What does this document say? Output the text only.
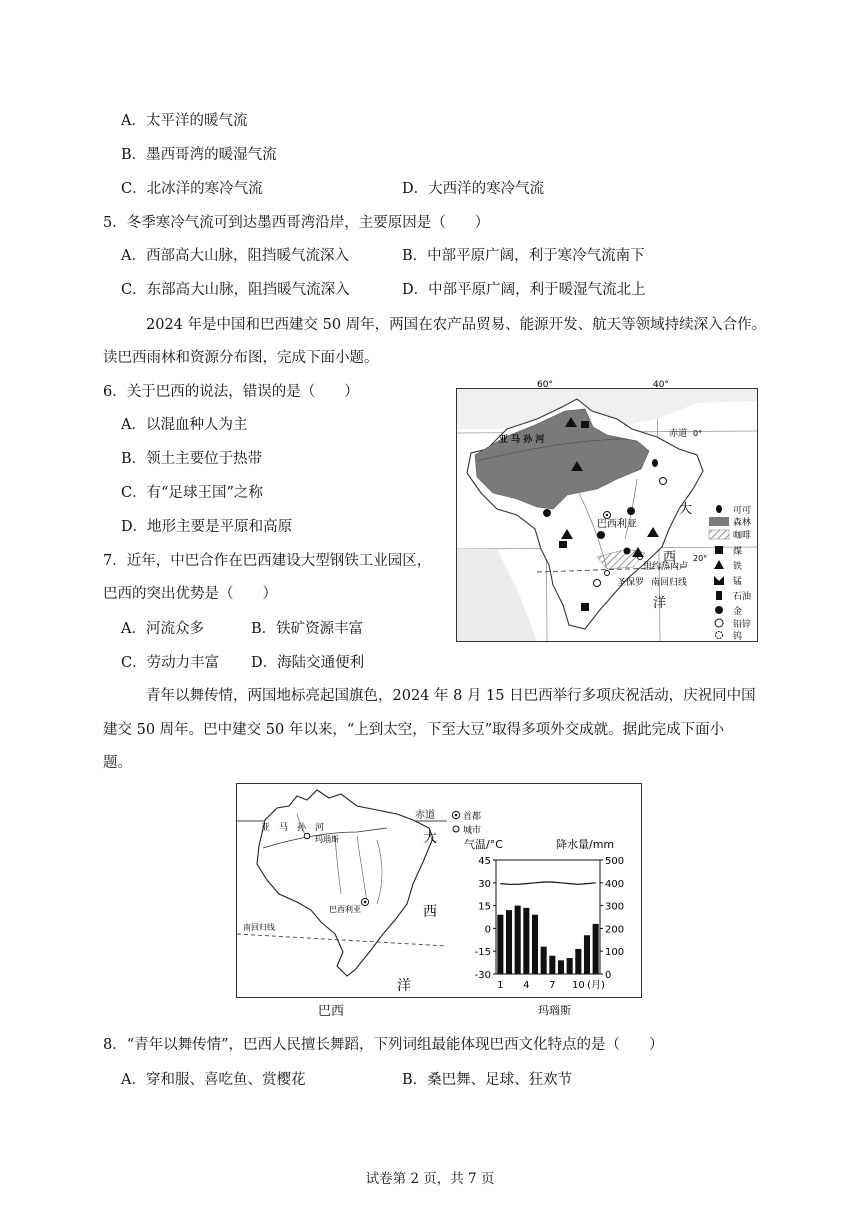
A．太平洋的暖气流
B．墨西哥湾的暖湿气流
C．北冰洋的寒冷气流	D．大西洋的寒冷气流
5．冬季寒冷气流可到达墨西哥湾沿岸，主要原因是（　　）
A．西部高大山脉，阻挡暖气流深入	B．中部平原广阔，利于寒冷气流南下
C．东部高大山脉，阻挡暖气流深入	D．中部平原广阔，利于暖湿气流北上
2024 年是中国和巴西建交 50 周年，两国在农产品贸易、能源开发、航天等领域持续深入合作。
读巴西雨林和资源分布图，完成下面小题。
6．关于巴西的说法，错误的是（　　）
A．以混血种人为主
B．领土主要位于热带
C．有“足球王国”之称
D．地形主要是平原和高原
7．近年，中巴合作在巴西建设大型钢铁工业园区，
巴西的突出优势是（　　）
A．河流众多	B．铁矿资源丰富
C．劳动力丰富 D．海陆交通便利
60°	40°
赤道 0°
亚 马 孙 河
巴西利亚
里约热内卢
圣保罗 南回归线
20°
大
西
洋
可可
森林
咖啡
煤
铁
锰
石油
金
铅锌
钨
青年以舞传情，两国地标亮起国旗色，2024 年 8 月 15 日巴西举行多项庆祝活动，庆祝同中国
建交 50 周年。巴中建交 50 年以来，“上到太空，下至大豆”取得多项外交成就。据此完成下面小
题。
赤道
亚　马　孙　河
玛瑙斯
巴西利亚
南回归线
大
西
洋
首都
城市
巴西
气温/°C	降水量/mm
45
30
15
0
-15
-30
500
400
300
200
100
0
1 4 7 10 (月)
玛瑙斯
8．“青年以舞传情”，巴西人民擅长舞蹈，下列词组最能体现巴西文化特点的是（　　）
A．穿和服、喜吃鱼、赏樱花	B．桑巴舞、足球、狂欢节
试卷第 2 页，共 7 页
